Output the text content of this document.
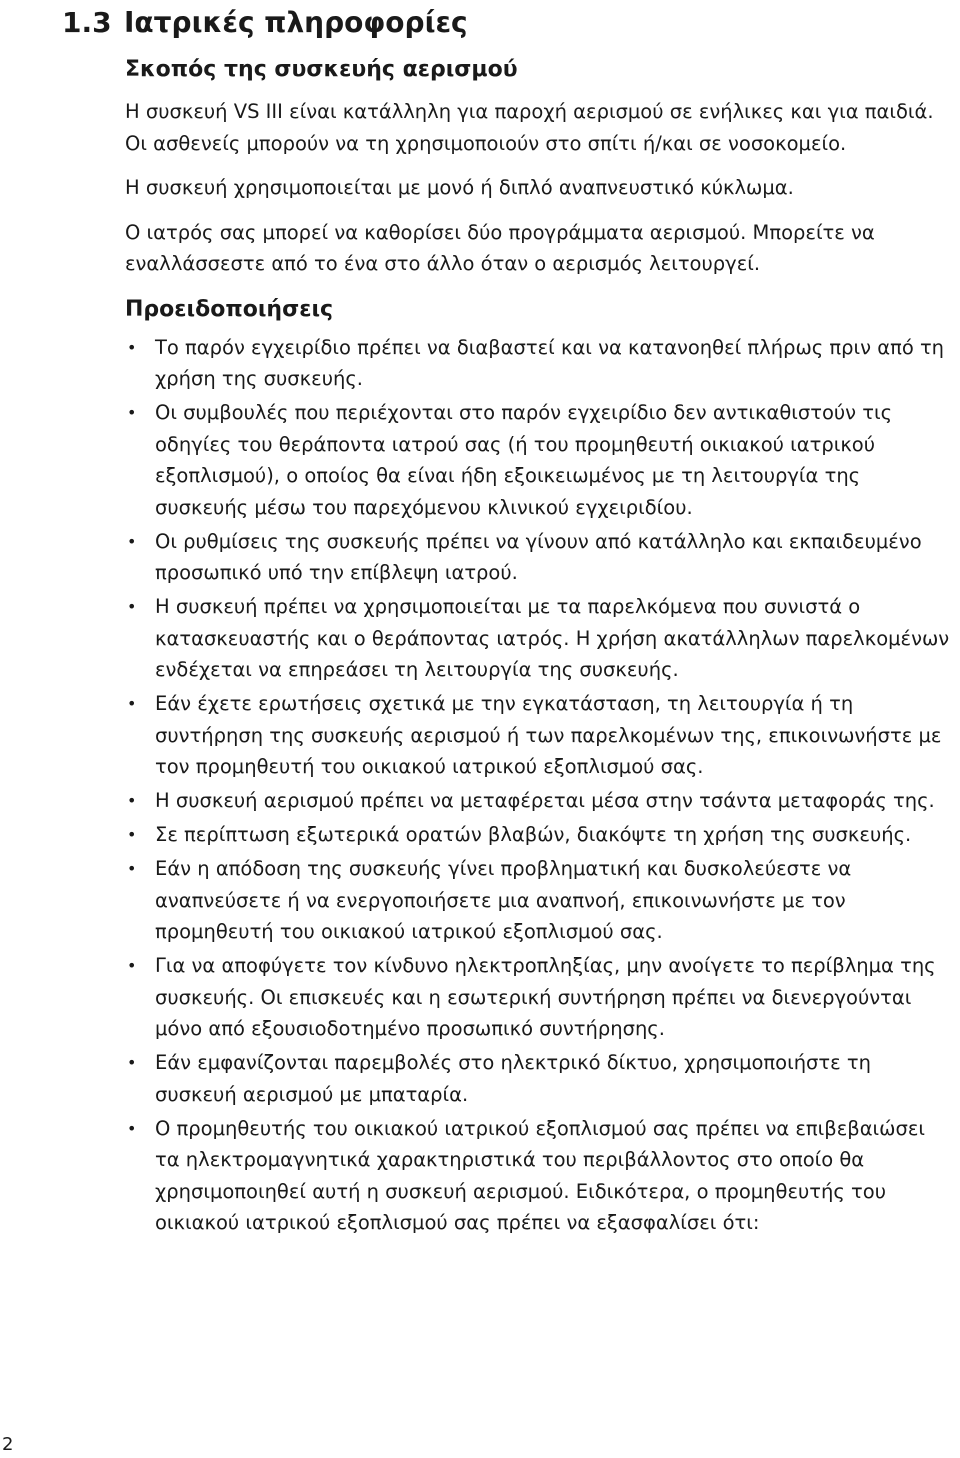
1.3 Ιατρικές πληροφορίες
Σκοπός της συσκευής αερισμού

Η συσκευή VS III είναι κατάλληλη για παροχή αερισμού σε ενήλικες και για παιδιά. Οι ασθενείς μπορούν να τη χρησιμοποιούν στο σπίτι ή/και σε νοσοκομείο.

Η συσκευή χρησιμοποιείται με μονό ή διπλό αναπνευστικό κύκλωμα.

Ο ιατρός σας μπορεί να καθορίσει δύο προγράμματα αερισμού. Μπορείτε να εναλλάσσεστε από το ένα στο άλλο όταν ο αερισμός λειτουργεί.

Προειδοποιήσεις
• Το παρόν εγχειρίδιο πρέπει να διαβαστεί και να κατανοηθεί πλήρως πριν από τη χρήση της συσκευής.
• Οι συμβουλές που περιέχονται στο παρόν εγχειρίδιο δεν αντικαθιστούν τις οδηγίες του θεράποντα ιατρού σας (ή του προμηθευτή οικιακού ιατρικού εξοπλισμού), ο οποίος θα είναι ήδη εξοικειωμένος με τη λειτουργία της συσκευής μέσω του παρεχόμενου κλινικού εγχειριδίου.
• Οι ρυθμίσεις της συσκευής πρέπει να γίνουν από κατάλληλο και εκπαιδευμένο προσωπικό υπό την επίβλεψη ιατρού.
• Η συσκευή πρέπει να χρησιμοποιείται με τα παρελκόμενα που συνιστά ο κατασκευαστής και ο θεράποντας ιατρός. Η χρήση ακατάλληλων παρελκομένων ενδέχεται να επηρεάσει τη λειτουργία της συσκευής.
• Εάν έχετε ερωτήσεις σχετικά με την εγκατάσταση, τη λειτουργία ή τη συντήρηση της συσκευής αερισμού ή των παρελκομένων της, επικοινωνήστε με τον προμηθευτή του οικιακού ιατρικού εξοπλισμού σας.
• Η συσκευή αερισμού πρέπει να μεταφέρεται μέσα στην τσάντα μεταφοράς της.
• Σε περίπτωση εξωτερικά ορατών βλαβών, διακόψτε τη χρήση της συσκευής.
• Εάν η απόδοση της συσκευής γίνει προβληματική και δυσκολεύεστε να αναπνεύσετε ή να ενεργοποιήσετε μια αναπνοή, επικοινωνήστε με τον προμηθευτή του οικιακού ιατρικού εξοπλισμού σας.
• Για να αποφύγετε τον κίνδυνο ηλεκτροπληξίας, μην ανοίγετε το περίβλημα της συσκευής. Οι επισκευές και η εσωτερική συντήρηση πρέπει να διενεργούνται μόνο από εξουσιοδοτημένο προσωπικό συντήρησης.
• Εάν εμφανίζονται παρεμβολές στο ηλεκτρικό δίκτυο, χρησιμοποιήστε τη συσκευή αερισμού με μπαταρία.
• Ο προμηθευτής του οικιακού ιατρικού εξοπλισμού σας πρέπει να επιβεβαιώσει τα ηλεκτρομαγνητικά χαρακτηριστικά του περιβάλλοντος στο οποίο θα χρησιμοποιηθεί αυτή η συσκευή αερισμού. Ειδικότερα, ο προμηθευτής του οικιακού ιατρικού εξοπλισμού σας πρέπει να εξασφαλίσει ότι:
2
